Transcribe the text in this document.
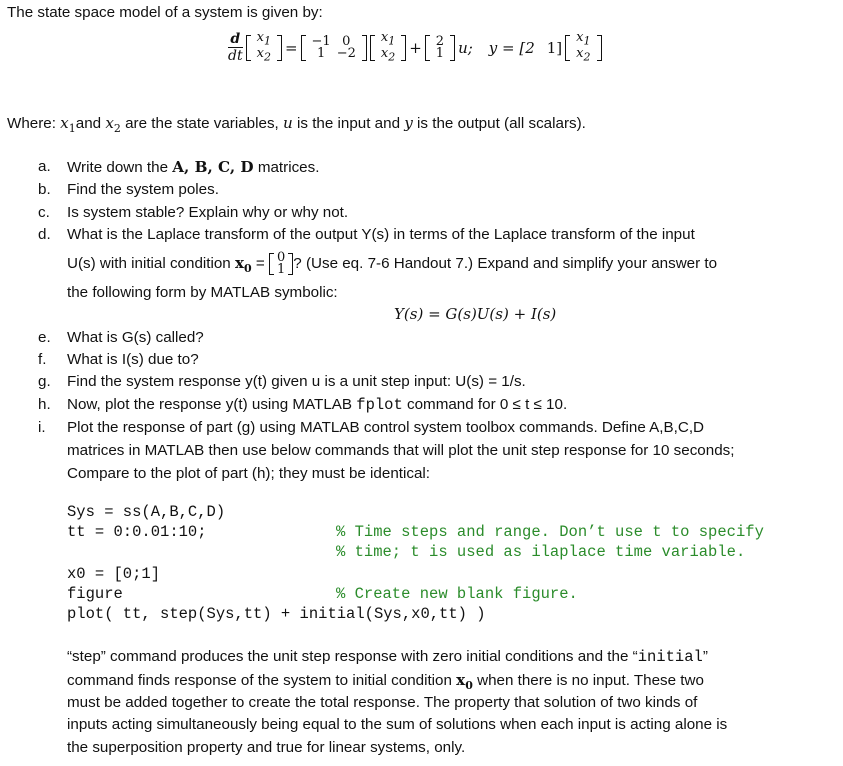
The state space model of a system is given by:
$\frac{d}{dt} x_1$
$x_2$
= −1	0
1	−2
$x_1$
$x_2$
+ 2
1 u; y = [2 1]
$x_1$
$x_2$
Where: $x_1and$ $x_2$ are the state variables, u is the input and y is the output (all scalars).
a.	Write down the A, B, C, D matrices.
b.	Find the system poles.
c.	Is system stable? Explain why or why not.
d.	What is the Laplace transform of the output Y(s) in terms of the Laplace transform of the input
U(s) with initial condition $x_0 = 0$
1 ? (Use eq. 7-6 Handout 7.) Expand and simplify your answer to
the following form by MATLAB symbolic:
Y(s) = G(s)U(s) + I(s)
e.	What is G(s) called?
f.	What is I(s) due to?
g.	Find the system response y(t) given u is a unit step input: U(s) = 1/s.
h.	Now, plot the response y(t) using MATLAB fplot command for 0 ≤ t ≤ 10.
i.	Plot the response of part (g) using MATLAB control system toolbox commands. Define A,B,C,D
matrices in MATLAB then use below commands that will plot the unit step response for 10 seconds;
Compare to the plot of part (h); they must be identical:
Sys = ss(A,B,C,D)
tt = 0:0.01:10;	% Time steps and range. Don’t use t to specify
% time; t is used as ilaplace time variable.
x0 = [0;1]
figure	% Create new blank figure.
plot( tt, step(Sys,tt) + initial(Sys,x0,tt) )
“step” command produces the unit step response with zero initial conditions and the “initial”
command finds response of the system to initial condition $x_0$ when there is no input. These two
must be added together to create the total response. The property that solution of two kinds of
inputs acting simultaneously being equal to the sum of solutions when each input is acting alone is
the superposition property and true for linear systems, only.
